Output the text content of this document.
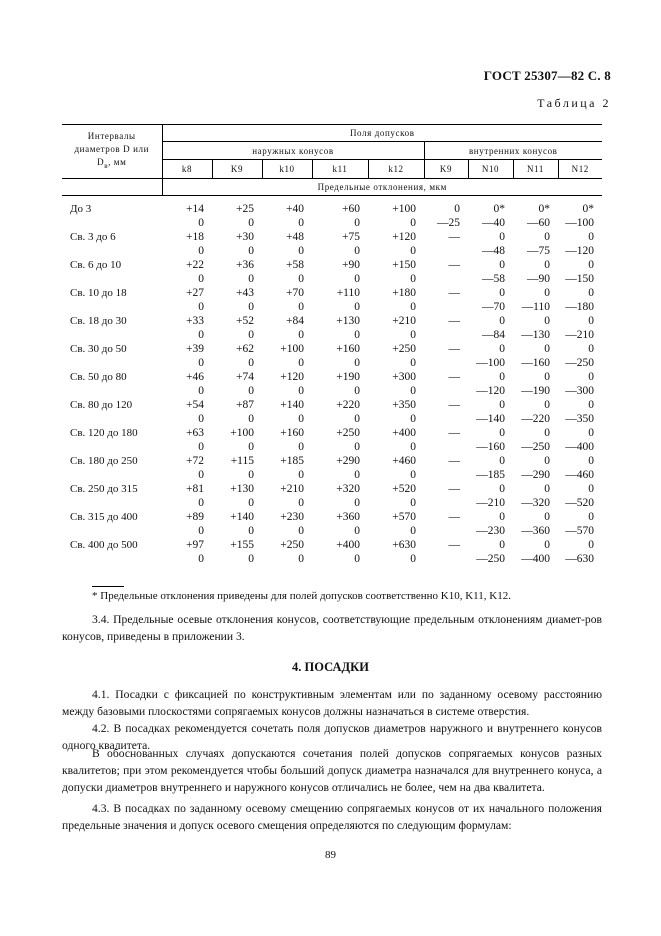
ГОСТ 25307—82 С. 8
Таблица 2
Интервалы
диаметров D или
$D_в$, мм	Поля допусков								
	наружных конусов					внутренних конусов			
	k8	K9	k10	k11	k12	K9	N10	N11	N12
	Предельные отклонения, мкм								

До 3	+14	+25	+40	+60	+100	0	0*	0*	0*
	0	0	0	0	0	—25	—40	—60	—100
Св. 3 до 6	+18	+30	+48	+75	+120	—	0	0	0
	0	0	0	0	0		—48	—75	—120
Св. 6 до 10	+22	+36	+58	+90	+150	—	0	0	0
	0	0	0	0	0		—58	—90	—150
Св. 10 до 18	+27	+43	+70	+110	+180	—	0	0	0
	0	0	0	0	0		—70	—110	—180
Св. 18 до 30	+33	+52	+84	+130	+210	—	0	0	0
	0	0	0	0	0		—84	—130	—210
Св. 30 до 50	+39	+62	+100	+160	+250	—	0	0	0
	0	0	0	0	0		—100	—160	—250
Св. 50 до 80	+46	+74	+120	+190	+300	—	0	0	0
	0	0	0	0	0		—120	—190	—300
Св. 80 до 120	+54	+87	+140	+220	+350	—	0	0	0
	0	0	0	0	0		—140	—220	—350
Св. 120 до 180	+63	+100	+160	+250	+400	—	0	0	0
	0	0	0	0	0		—160	—250	—400
Св. 180 до 250	+72	+115	+185	+290	+460	—	0	0	0
	0	0	0	0	0		—185	—290	—460
Св. 250 до 315	+81	+130	+210	+320	+520	—	0	0	0
	0	0	0	0	0		—210	—320	—520
Св. 315 до 400	+89	+140	+230	+360	+570	—	0	0	0
	0	0	0	0	0		—230	—360	—570
Св. 400 до 500	+97	+155	+250	+400	+630	—	0	0	0
	0	0	0	0	0		—250	—400	—630
* Предельные отклонения приведены для полей допусков соответственно K10, K11, K12.

3.4. Предельные осевые отклонения конусов, соответствующие предельным отклонениям диамет-ров конусов, приведены в приложении 3.

4. ПОСАДКИ

4.1. Посадки с фиксацией по конструктивным элементам или по заданному осевому расстоянию между базовыми плоскостями сопрягаемых конусов должны назначаться в системе отверстия.

4.2. В посадках рекомендуется сочетать поля допусков диаметров наружного и внутреннего конусов одного квалитета.

В обоснованных случаях допускаются сочетания полей допусков сопрягаемых конусов разных квалитетов; при этом рекомендуется чтобы больший допуск диаметра назначался для внутреннего конуса, а допуски диаметров внутреннего и наружного конусов отличались не более, чем на два квалитета.

4.3. В посадках по заданному осевому смещению сопрягаемых конусов от их начального положения предельные значения и допуск осевого смещения определяются по следующим формулам:

89
